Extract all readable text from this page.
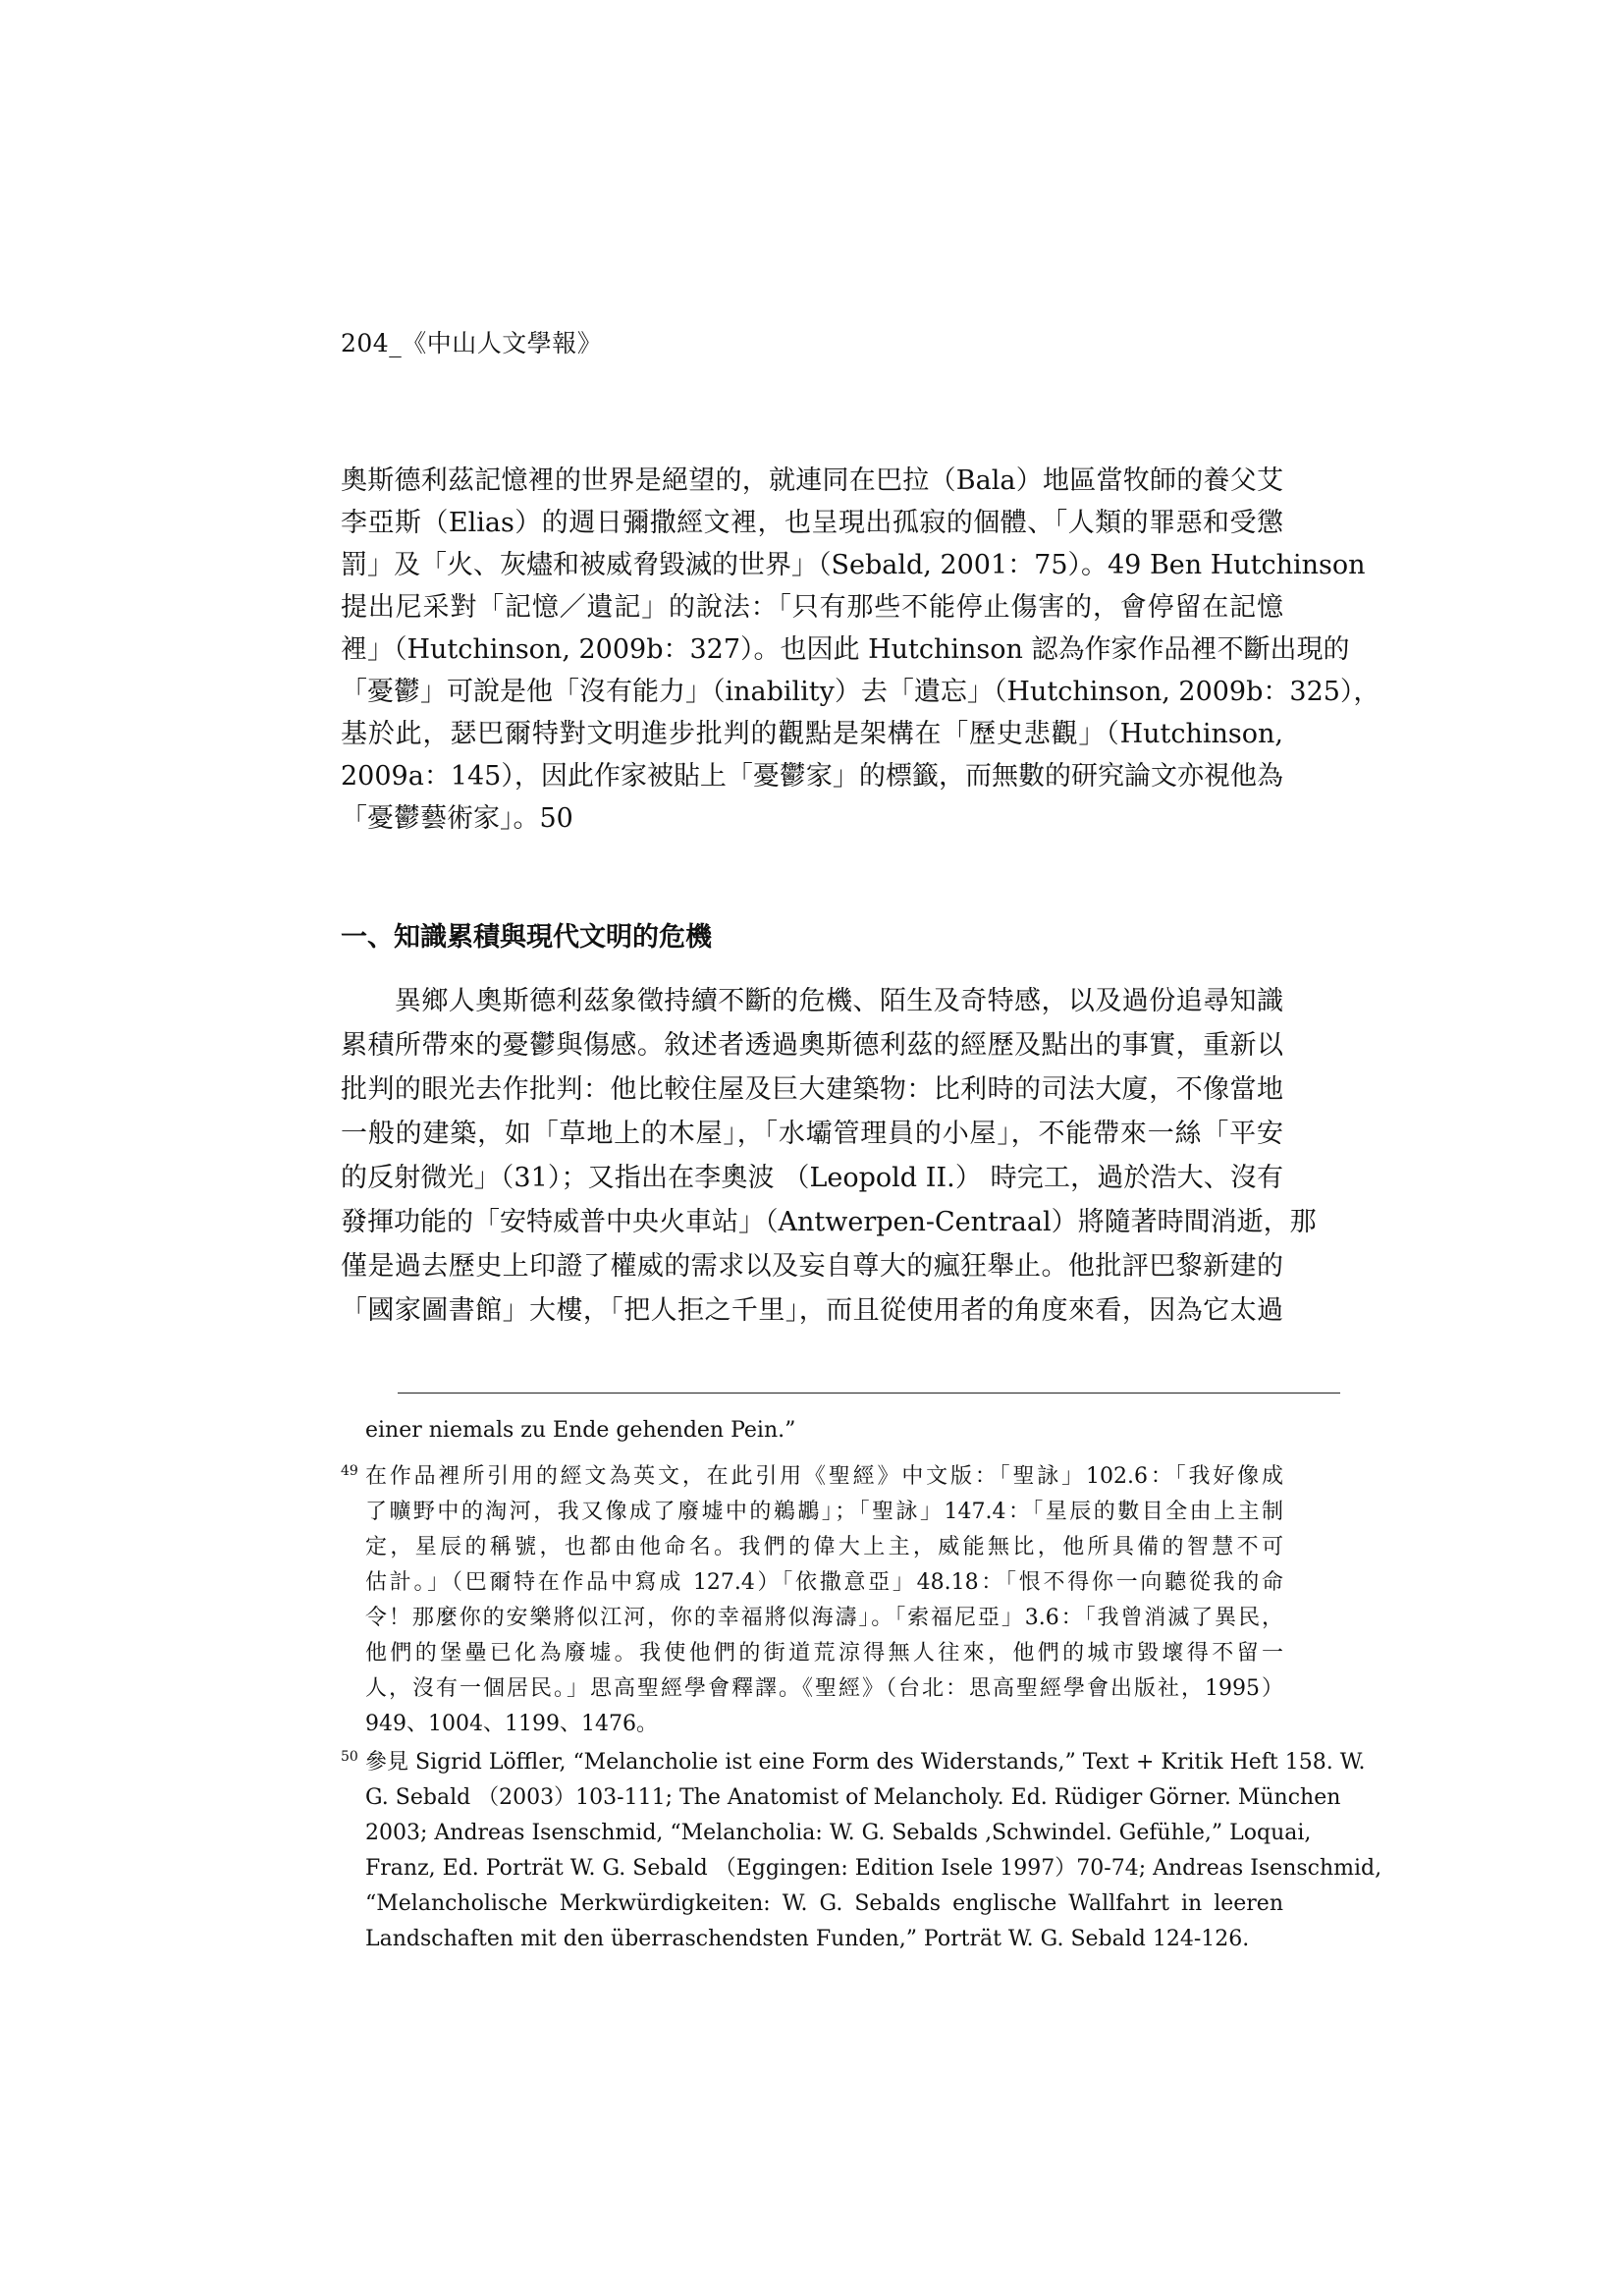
204_《中山人文學報》
奧斯德利茲記憶裡的世界是絕望的，就連同在巴拉（Bala）地區當牧師的養父艾
李亞斯（Elias）的週日彌撒經文裡，也呈現出孤寂的個體、「人類的罪惡和受懲
罰」及「火、灰燼和被威脅毀滅的世界」（Sebald, 2001：75）。49 Ben Hutchinson
提出尼采對「記憶／遺記」的說法：「只有那些不能停止傷害的，會停留在記憶
裡」（Hutchinson, 2009b：327）。也因此 Hutchinson 認為作家作品裡不斷出現的
「憂鬱」可說是他「沒有能力」（inability）去「遺忘」（Hutchinson, 2009b：325），
基於此，瑟巴爾特對文明進步批判的觀點是架構在「歷史悲觀」（Hutchinson,
2009a：145），因此作家被貼上「憂鬱家」的標籤，而無數的研究論文亦視他為
「憂鬱藝術家」。50
一、知識累積與現代文明的危機
　　異鄉人奧斯德利茲象徵持續不斷的危機、陌生及奇特感，以及過份追尋知識
累積所帶來的憂鬱與傷感。敘述者透過奧斯德利茲的經歷及點出的事實，重新以
批判的眼光去作批判：他比較住屋及巨大建築物：比利時的司法大廈，不像當地
一般的建築，如「草地上的木屋」，「水壩管理員的小屋」，不能帶來一絲「平安
的反射微光」（31）；又指出在李奧波 （Leopold II.） 時完工，過於浩大、沒有
發揮功能的「安特威普中央火車站」（Antwerpen-Centraal）將隨著時間消逝，那
僅是過去歷史上印證了權威的需求以及妄自尊大的瘋狂舉止。他批評巴黎新建的
「國家圖書館」大樓，「把人拒之千里」，而且從使用者的角度來看，因為它太過
einer niemals zu Ende gehenden Pein.”
49 在作品裡所引用的經文為英文，在此引用《聖經》中文版：「聖詠」102.6：「我好像成
了曠野中的淘河，我又像成了廢墟中的鵜鶘」；「聖詠」147.4：「星辰的數目全由上主制
定，星辰的稱號，也都由他命名。我們的偉大上主，威能無比，他所具備的智慧不可
估計。」（巴爾特在作品中寫成 127.4）「依撒意亞」48.18：「恨不得你一向聽從我的命
令！那麼你的安樂將似江河，你的幸福將似海濤」。「索福尼亞」3.6：「我曾消滅了異民，
他們的堡壘已化為廢墟。我使他們的街道荒涼得無人往來，他們的城市毀壞得不留一
人，沒有一個居民。」思高聖經學會釋譯。《聖經》（台北：思高聖經學會出版社，1995）
949、1004、1199、1476。
50 參見 Sigrid Löffler, “Melancholie ist eine Form des Widerstands,” Text + Kritik Heft 158. W.
G. Sebald （2003）103-111; The Anatomist of Melancholy. Ed. Rüdiger Görner. München
2003; Andreas Isenschmid, “Melancholia: W. G. Sebalds ‚Schwindel. Gefühle,” Loquai,
Franz, Ed. Porträt W. G. Sebald （Eggingen: Edition Isele 1997）70-74; Andreas Isenschmid,
“Melancholische Merkwürdigkeiten: W. G. Sebalds englische Wallfahrt in leeren
Landschaften mit den überraschendsten Funden,” Porträt W. G. Sebald 124-126.
